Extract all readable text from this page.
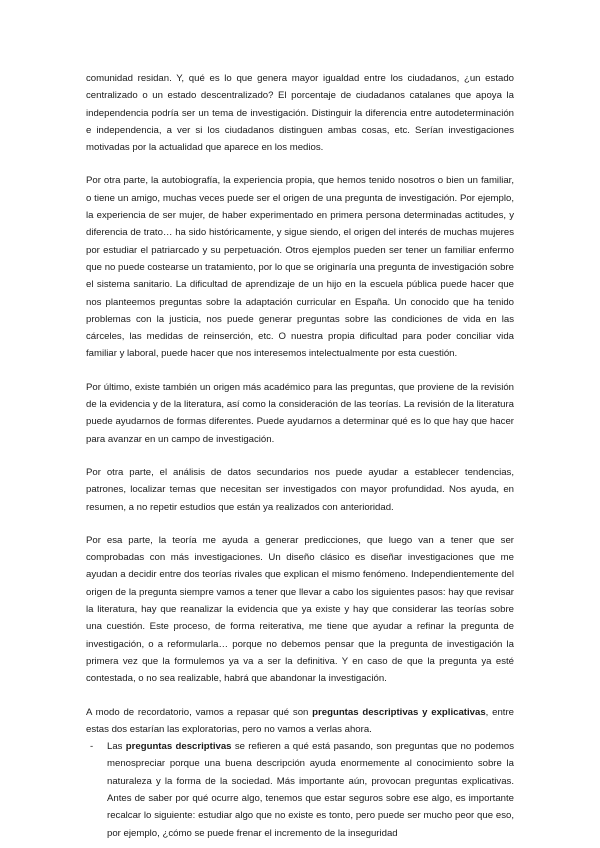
comunidad residan. Y, qué es lo que genera mayor igualdad entre los ciudadanos, ¿un estado centralizado o un estado descentralizado? El porcentaje de ciudadanos catalanes que apoya la independencia podría ser un tema de investigación. Distinguir la diferencia entre autodeterminación e independencia, a ver si los ciudadanos distinguen ambas cosas, etc. Serían investigaciones motivadas por la actualidad que aparece en los medios.

Por otra parte, la autobiografía, la experiencia propia, que hemos tenido nosotros o bien un familiar, o tiene un amigo, muchas veces puede ser el origen de una pregunta de investigación. Por ejemplo, la experiencia de ser mujer, de haber experimentado en primera persona determinadas actitudes, y diferencia de trato… ha sido históricamente, y sigue siendo, el origen del interés de muchas mujeres por estudiar el patriarcado y su perpetuación. Otros ejemplos pueden ser tener un familiar enfermo que no puede costearse un tratamiento, por lo que se originaría una pregunta de investigación sobre el sistema sanitario. La dificultad de aprendizaje de un hijo en la escuela pública puede hacer que nos planteemos preguntas sobre la adaptación curricular en España. Un conocido que ha tenido problemas con la justicia, nos puede generar preguntas sobre las condiciones de vida en las cárceles, las medidas de reinserción, etc. O nuestra propia dificultad para poder conciliar vida familiar y laboral, puede hacer que nos interesemos intelectualmente por esta cuestión.

Por último, existe también un origen más académico para las preguntas, que proviene de la revisión de la evidencia y de la literatura, así como la consideración de las teorías. La revisión de la literatura puede ayudarnos de formas diferentes. Puede ayudarnos a determinar qué es lo que hay que hacer para avanzar en un campo de investigación.

Por otra parte, el análisis de datos secundarios nos puede ayudar a establecer tendencias, patrones, localizar temas que necesitan ser investigados con mayor profundidad. Nos ayuda, en resumen, a no repetir estudios que están ya realizados con anterioridad.

Por esa parte, la teoría me ayuda a generar predicciones, que luego van a tener que ser comprobadas con más investigaciones. Un diseño clásico es diseñar investigaciones que me ayudan a decidir entre dos teorías rivales que explican el mismo fenómeno. Independientemente del origen de la pregunta siempre vamos a tener que llevar a cabo los siguientes pasos: hay que revisar la literatura, hay que reanalizar la evidencia que ya existe y hay que considerar las teorías sobre una cuestión. Este proceso, de forma reiterativa, me tiene que ayudar a refinar la pregunta de investigación, o a reformularla… porque no debemos pensar que la pregunta de investigación la primera vez que la formulemos ya va a ser la definitiva. Y en caso de que la pregunta ya esté contestada, o no sea realizable, habrá que abandonar la investigación.

A modo de recordatorio, vamos a repasar qué son preguntas descriptivas y explicativas, entre estas dos estarían las exploratorias, pero no vamos a verlas ahora.

- Las preguntas descriptivas se refieren a qué está pasando, son preguntas que no podemos menospreciar porque una buena descripción ayuda enormemente al conocimiento sobre la naturaleza y la forma de la sociedad. Más importante aún, provocan preguntas explicativas. Antes de saber por qué ocurre algo, tenemos que estar seguros sobre ese algo, es importante recalcar lo siguiente: estudiar algo que no existe es tonto, pero puede ser mucho peor que eso, por ejemplo, ¿cómo se puede frenar el incremento de la inseguridad
